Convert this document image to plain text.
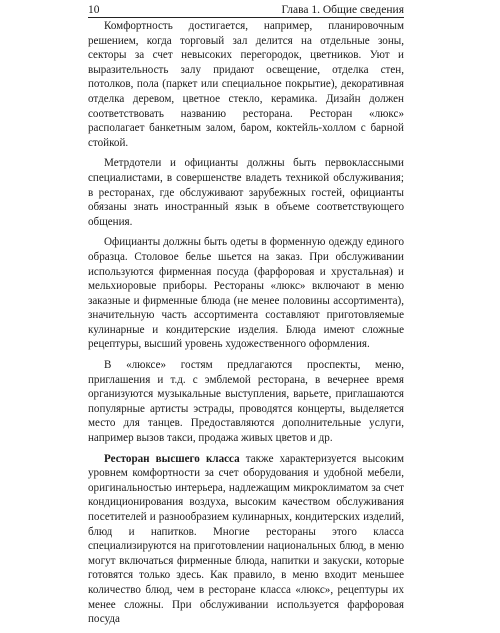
10	Глава 1. Общие сведения

Комфортность достигается, например, планировочным решением, когда торговый зал делится на отдельные зоны, секторы за счет невысоких перегородок, цветников. Уют и выразительность залу придают освещение, отделка стен, потолков, пола (паркет или специальное покрытие), декоративная отделка деревом, цветное стекло, керамика. Дизайн должен соответствовать названию ресторана. Ресторан «люкс» располагает банкетным залом, баром, коктейль-холлом с барной стойкой.

Метрдотели и официанты должны быть первоклассными специалистами, в совершенстве владеть техникой обслуживания; в ресторанах, где обслуживают зарубежных гостей, официанты обязаны знать иностранный язык в объеме соответствующего общения.

Официанты должны быть одеты в форменную одежду единого образца. Столовое белье шьется на заказ. При обслуживании используются фирменная посуда (фарфоровая и хрустальная) и мельхиоровые приборы. Рестораны «люкс» включают в меню заказные и фирменные блюда (не менее половины ассортимента), значительную часть ассортимента составляют приготовляемые кулинарные и кондитерские изделия. Блюда имеют сложные рецептуры, высший уровень художественного оформления.

В «люксе» гостям предлагаются проспекты, меню, приглашения и т.д. с эмблемой ресторана, в вечернее время организуются музыкальные выступления, варьете, приглашаются популярные артисты эстрады, проводятся концерты, выделяется место для танцев. Предоставляются дополнительные услуги, например вызов такси, продажа живых цветов и др.

Ресторан высшего класса также характеризуется высоким уровнем комфортности за счет оборудования и удобной мебели, оригинальностью интерьера, надлежащим микроклиматом за счет кондиционирования воздуха, высоким качеством обслуживания посетителей и разнообразием кулинарных, кондитерских изделий, блюд и напитков. Многие рестораны этого класса специализируются на приготовлении национальных блюд, в меню могут включаться фирменные блюда, напитки и закуски, которые готовятся только здесь. Как правило, в меню входит меньшее количество блюд, чем в ресторане класса «люкс», рецептуры их менее сложны. При обслуживании используется фарфоровая посуда
